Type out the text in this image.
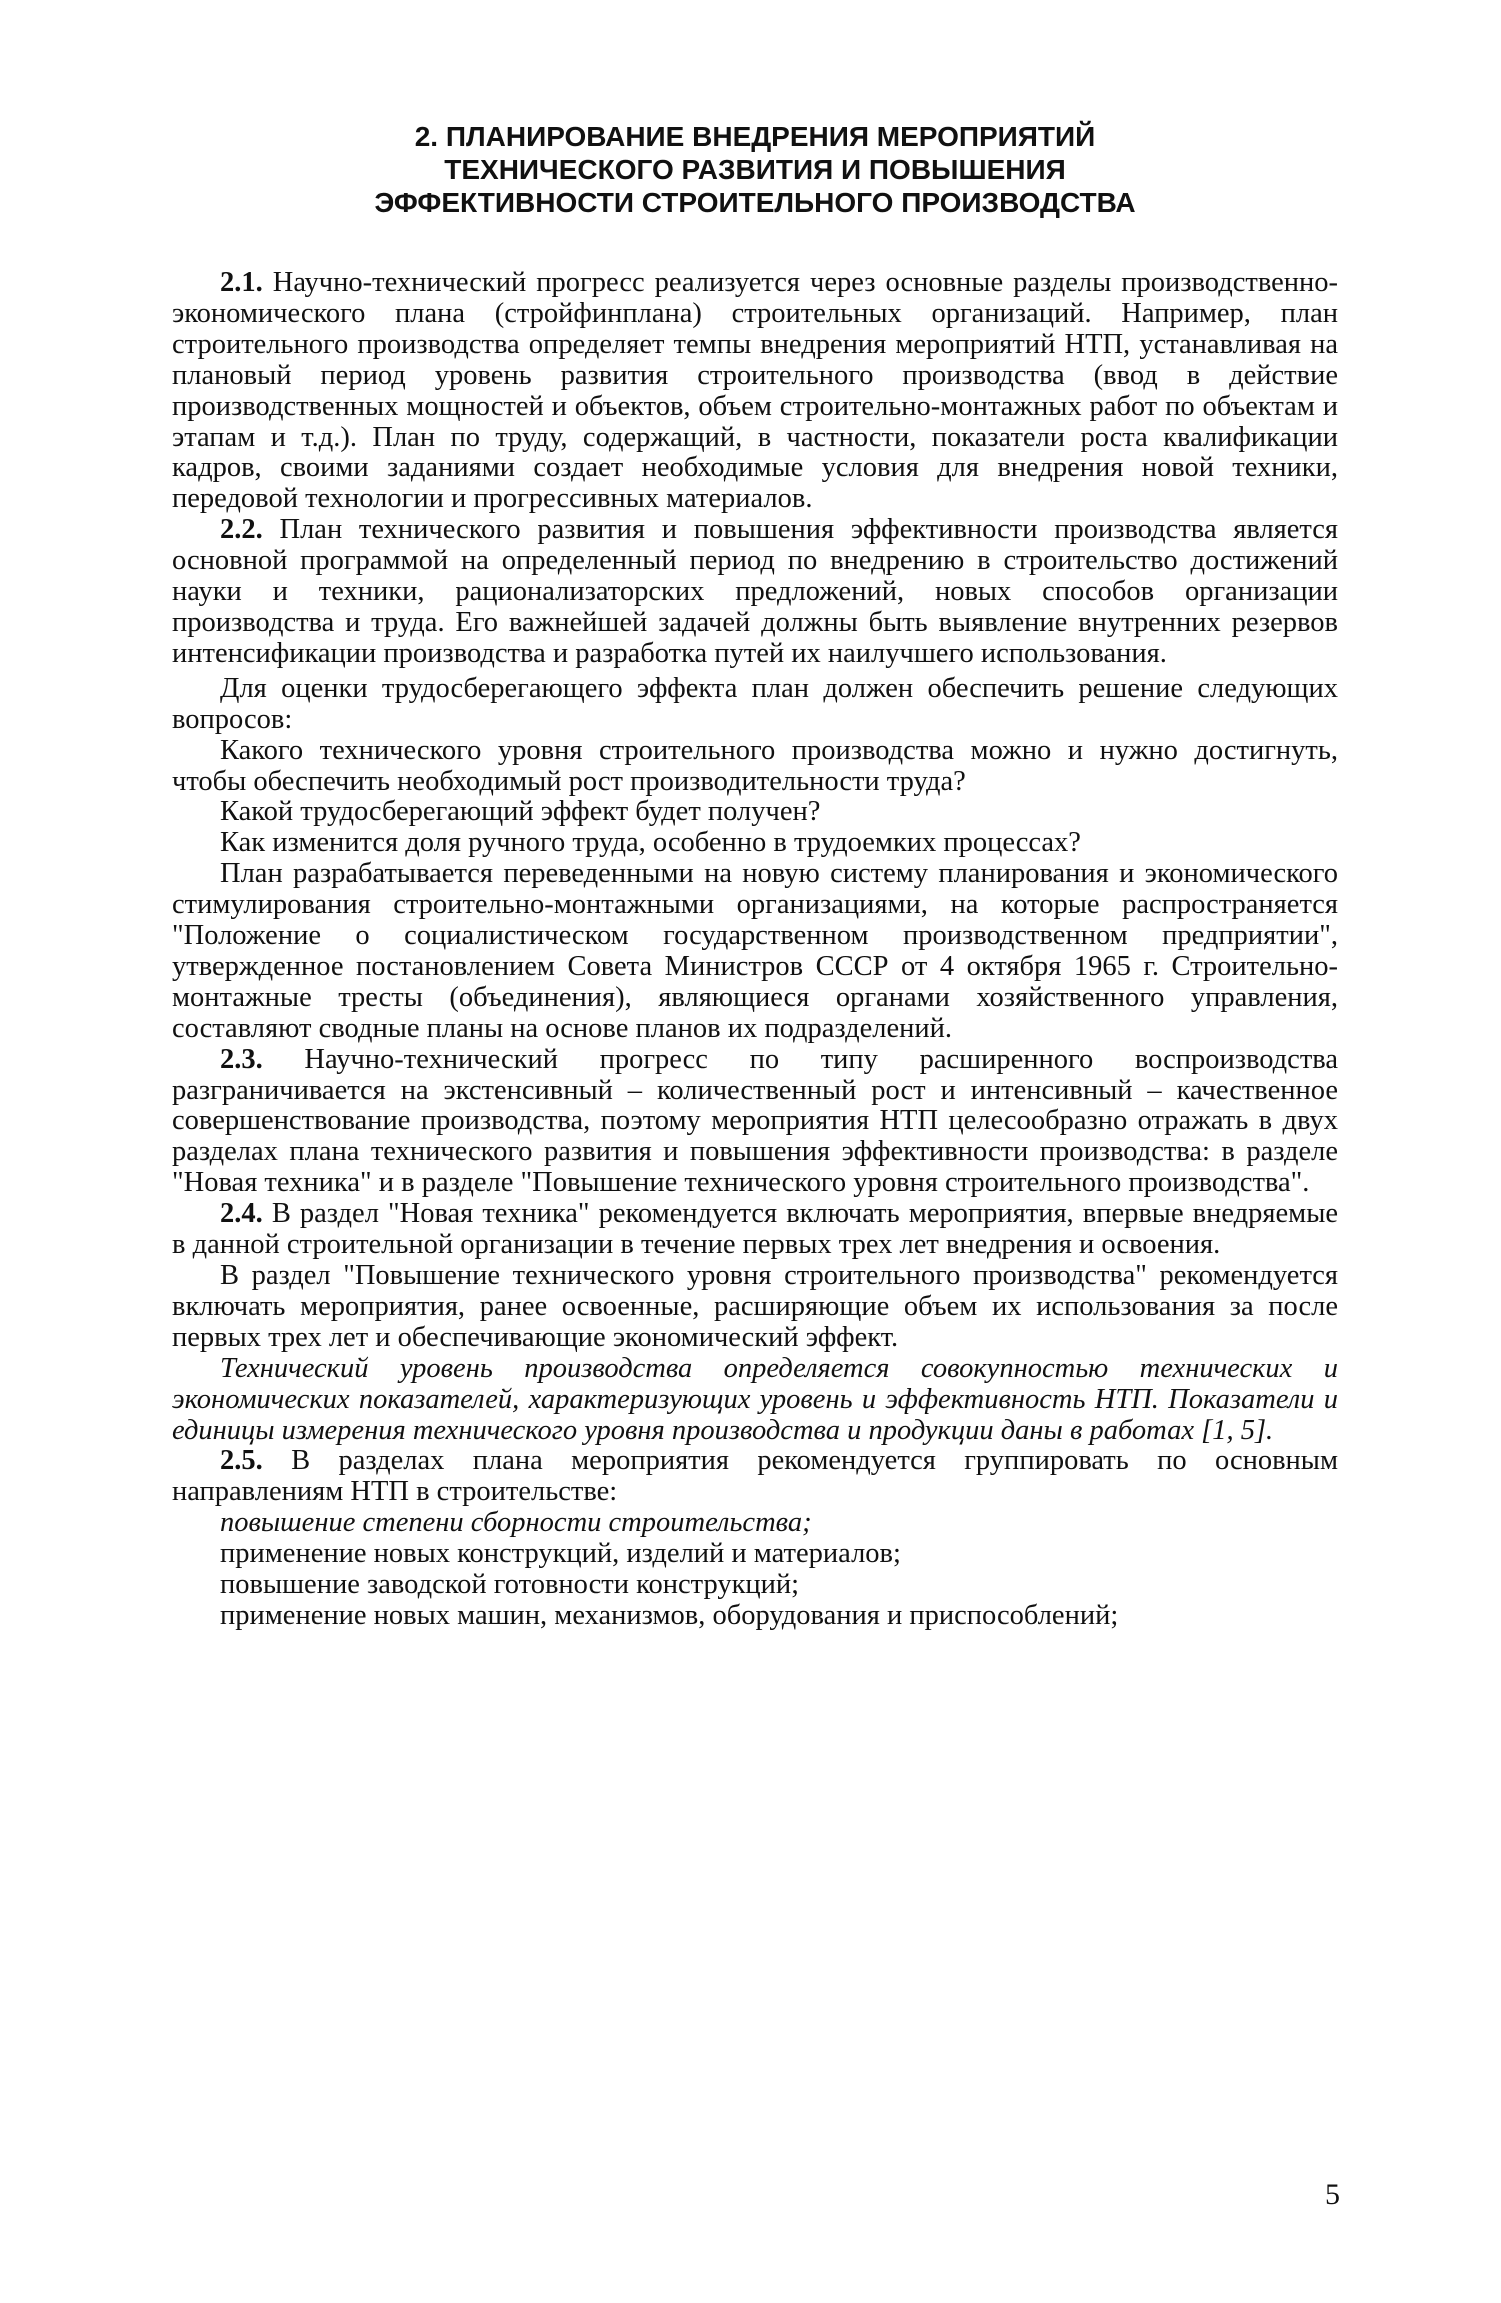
2. ПЛАНИРОВАНИЕ ВНЕДРЕНИЯ МЕРОПРИЯТИЙ
ТЕХНИЧЕСКОГО РАЗВИТИЯ И ПОВЫШЕНИЯ
ЭФФЕКТИВНОСТИ СТРОИТЕЛЬНОГО ПРОИЗВОДСТВА

2.1. Научно-технический прогресс реализуется через основные разделы производственно-экономического плана (стройфинплана) строительных организаций. Например, план строительного производства определяет темпы внедрения мероприятий НТП, устанавливая на плановый период уровень развития строительного производства (ввод в действие производственных мощностей и объектов, объем строительно-монтажных работ по объектам и этапам и т.д.). План по труду, содержащий, в частности, показатели роста квалификации кадров, своими заданиями создает необходимые условия для внедрения новой техники, передовой технологии и прогрессивных материалов.

2.2. План технического развития и повышения эффективности производства является основной программой на определенный период по внедрению в строительство достижений науки и техники, рационализаторских предложений, новых способов организации производства и труда. Его важнейшей задачей должны быть выявление внутренних резервов интенсификации производства и разработка путей их наилучшего использования.

Для оценки трудосберегающего эффекта план должен обеспечить решение следующих вопросов:

Какого технического уровня строительного производства можно и нужно достигнуть, чтобы обеспечить необходимый рост производительности труда?

Какой трудосберегающий эффект будет получен?

Как изменится доля ручного труда, особенно в трудоемких процессах?

План разрабатывается переведенными на новую систему планирования и экономического стимулирования строительно-монтажными организациями, на которые распространяется "Положение о социалистическом государственном производственном предприятии", утвержденное постановлением Совета Министров СССР от 4 октября 1965 г. Строительно-монтажные тресты (объединения), являющиеся органами хозяйственного управления, составляют сводные планы на основе планов их подразделений.

2.3. Научно-технический прогресс по типу расширенного воспроизводства разграничивается на экстенсивный – количественный рост и интенсивный – качественное совершенствование производства, поэтому мероприятия НТП целесообразно отражать в двух разделах плана технического развития и повышения эффективности производства: в разделе "Новая техника" и в разделе "Повышение технического уровня строительного производства".

2.4. В раздел "Новая техника" рекомендуется включать мероприятия, впервые внедряемые в данной строительной организации в течение первых трех лет внедрения и освоения.

В раздел "Повышение технического уровня строительного производства" рекомендуется включать мероприятия, ранее освоенные, расширяющие объем их использования за после первых трех лет и обеспечивающие экономический эффект.

Технический уровень производства определяется совокупностью технических и экономических показателей, характеризующих уровень и эффективность НТП. Показатели и единицы измерения технического уровня производства и продукции даны в работах [1, 5].

2.5. В разделах плана мероприятия рекомендуется группировать по основным направлениям НТП в строительстве:

повышение степени сборности строительства;

применение новых конструкций, изделий и материалов;

повышение заводской готовности конструкций;

применение новых машин, механизмов, оборудования и приспособлений;

5
